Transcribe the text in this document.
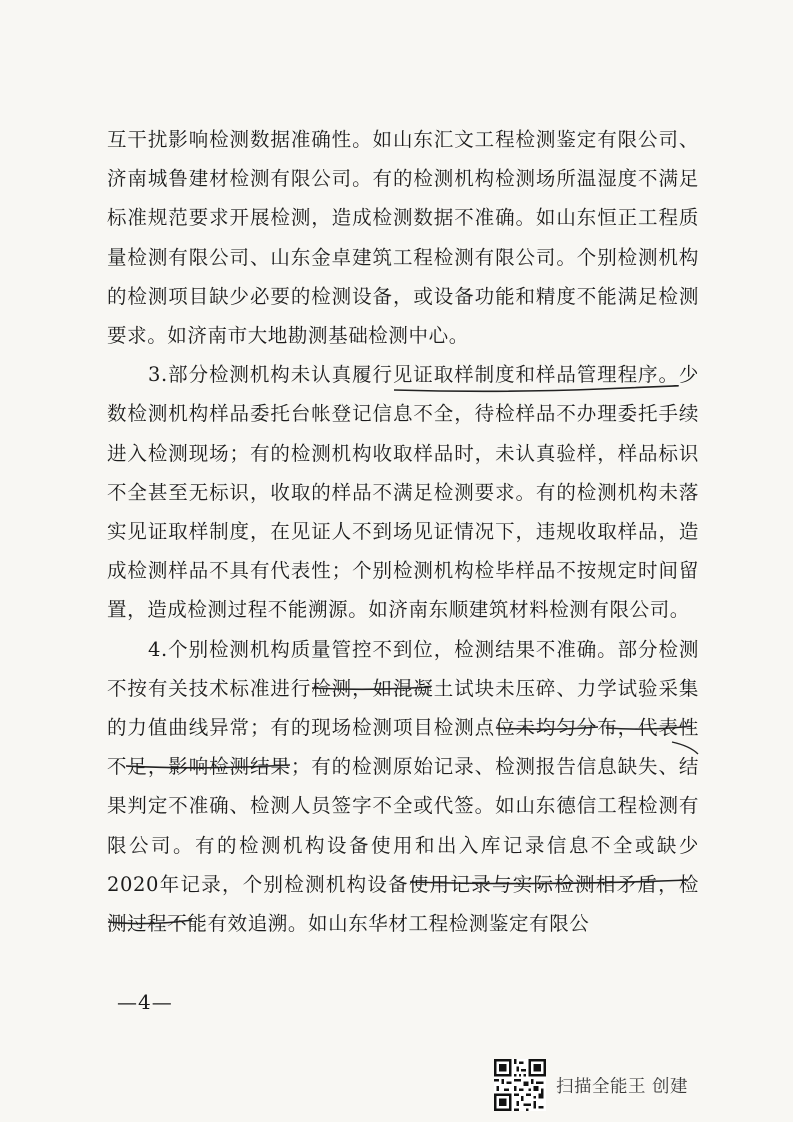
互干扰影响检测数据准确性。如山东汇文工程检测鉴定有限公司、济南城鲁建材检测有限公司。有的检测机构检测场所温湿度不满足标准规范要求开展检测，造成检测数据不准确。如山东恒正工程质量检测有限公司、山东金卓建筑工程检测有限公司。个别检测机构的检测项目缺少必要的检测设备，或设备功能和精度不能满足检测要求。如济南市大地勘测基础检测中心。

3.部分检测机构未认真履行见证取样制度和样品管理程序。少数检测机构样品委托台帐登记信息不全，待检样品不办理委托手续进入检测现场；有的检测机构收取样品时，未认真验样，样品标识不全甚至无标识，收取的样品不满足检测要求。有的检测机构未落实见证取样制度，在见证人不到场见证情况下，违规收取样品，造成检测样品不具有代表性；个别检测机构检毕样品不按规定时间留置，造成检测过程不能溯源。如济南东顺建筑材料检测有限公司。

4.个别检测机构质量管控不到位，检测结果不准确。部分检测不按有关技术标准进行检测，如混凝土试块未压碎、力学试验采集的力值曲线异常；有的现场检测项目检测点位未均匀分布，代表性不足，影响检测结果；有的检测原始记录、检测报告信息缺失、结果判定不准确、检测人员签字不全或代签。如山东德信工程检测有限公司。有的检测机构设备使用和出入库记录信息不全或缺少2020年记录，个别检测机构设备使用记录与实际检测相矛盾，检测过程不能有效追溯。如山东华材工程检测鉴定有限公

—4—
扫描全能王 创建
